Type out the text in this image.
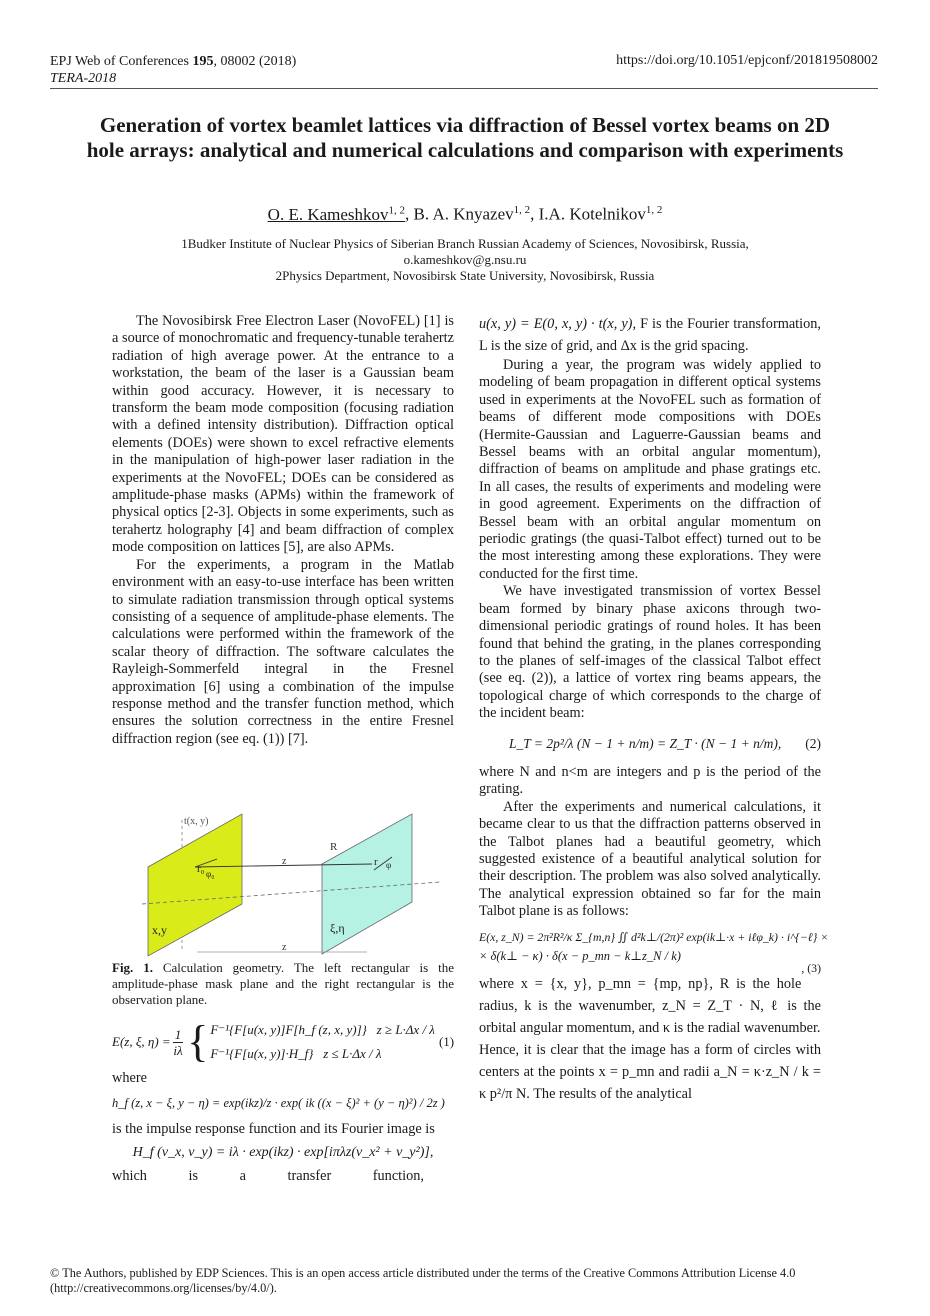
EPJ Web of Conferences 195, 08002 (2018)
TERA-2018
https://doi.org/10.1051/epjconf/201819508002
Generation of vortex beamlet lattices via diffraction of Bessel vortex beams on 2D hole arrays: analytical and numerical calculations and comparison with experiments
O. E. Kameshkov$^{1, 2}$, B. A. Knyazev$^{1, 2}$, I.A. Kotelnikov$^{1, 2}$
1Budker Institute of Nuclear Physics of Siberian Branch Russian Academy of Sciences, Novosibirsk, Russia,
o.kameshkov@g.nsu.ru
2Physics Department, Novosibirsk State University, Novosibirsk, Russia

The Novosibirsk Free Electron Laser (NovoFEL) [1] is a source of monochromatic and frequency-tunable terahertz radiation of high average power. At the entrance to a workstation, the beam of the laser is a Gaussian beam within good accuracy. However, it is necessary to transform the beam mode composition (focusing radiation with a defined intensity distribution). Diffraction optical elements (DOEs) were shown to excel refractive elements in the manipulation of high-power laser radiation in the experiments at the NovoFEL; DOEs can be considered as amplitude-phase masks (APMs) within the framework of physical optics [2-3]. Objects in some experiments, such as terahertz holography [4] and beam diffraction of complex mode composition on lattices [5], are also APMs.

For the experiments, a program in the Matlab environment with an easy-to-use interface has been written to simulate radiation transmission through optical systems consisting of a sequence of amplitude-phase elements. The calculations were performed within the framework of the scalar theory of diffraction. The software calculates the Rayleigh-Sommerfeld integral in the Fresnel approximation [6] using a combination of the impulse response method and the transfer function method, which ensures the solution correctness in the entire Fresnel diffraction region (see eq. (1)) [7].

t(x, y)
x,y	ξ,η
r₀ φ₀
r φ
R
z
z
Fig. 1. Calculation geometry. The left rectangular is the amplitude-phase mask plane and the right rectangular is the observation plane.
E(z, ξ, $\eta) = \frac{1}{i\lambda}$ { F⁻¹{F[u(x, y)]F[h_f (z, x, y)]} z ≥ L·Δx / λ
F⁻¹{F[u(x, y)]·H_f} z ≤ L·Δx / λ
(1)

where

h_f (z, x − ξ, y − η) = exp(ikz)/z · exp( ik ((x − ξ)² + (y − η)²) / 2z )

is the impulse response function and its Fourier image is

H_f (ν_x, ν_y) = iλ · exp(ikz) · exp[iπλz(ν_x² + ν_y²)],

which is a transfer function,

u(x, y) = E(0, x, y) · t(x, y), F is the Fourier transformation, L is the size of grid, and Δx is the grid spacing.

During a year, the program was widely applied to modeling of beam propagation in different optical systems used in experiments at the NovoFEL such as formation of beams of different mode compositions with DOEs (Hermite-Gaussian and Laguerre-Gaussian beams and Bessel beams with an orbital angular momentum), diffraction of beams on amplitude and phase gratings etc. In all cases, the results of experiments and modeling were in good agreement. Experiments on the diffraction of Bessel beam with an orbital angular momentum on periodic gratings (the quasi-Talbot effect) turned out to be the most interesting among these explorations. They were conducted for the first time.

We have investigated transmission of vortex Bessel beam formed by binary phase axicons through two-dimensional periodic gratings of round holes. It has been found that behind the grating, in the planes corresponding to the planes of self-images of the classical Talbot effect (see eq. (2)), a lattice of vortex ring beams appears, the topological charge of which corresponds to the charge of the incident beam:

L_T = 2p²/λ (N − 1 + n/m) = Z_T · (N − 1 + n/m), (2)

where N and n<m are integers and p is the period of the grating.

After the experiments and numerical calculations, it became clear to us that the diffraction patterns observed in the Talbot planes had a beautiful geometry, which suggested existence of a beautiful analytical solution for their description. The problem was also solved analytically. The analytical expression obtained so far for the main Talbot plane is as follows:

E(x, z_N) = 2π²R²/κ Σ_{m,n} ∬ d²k⊥/(2π)² exp(ik⊥·x + iℓφ_k) · i^{−ℓ} ×
, (3)
× δ(k⊥ − κ) · δ(x − p_mn − k⊥z_N / k)

where x = {x, y}, p_mn = {mp, np}, R is the hole radius, k is the wavenumber, z_N = Z_T · N, ℓ is the orbital angular momentum, and κ is the radial wavenumber.

Hence, it is clear that the image has a form of circles with centers at the points x = p_mn and radii a_N = κ·z_N / k = κ p²/π N. The results of the analytical

© The Authors, published by EDP Sciences. This is an open access article distributed under the terms of the Creative Commons Attribution License 4.0
(http://creativecommons.org/licenses/by/4.0/).
